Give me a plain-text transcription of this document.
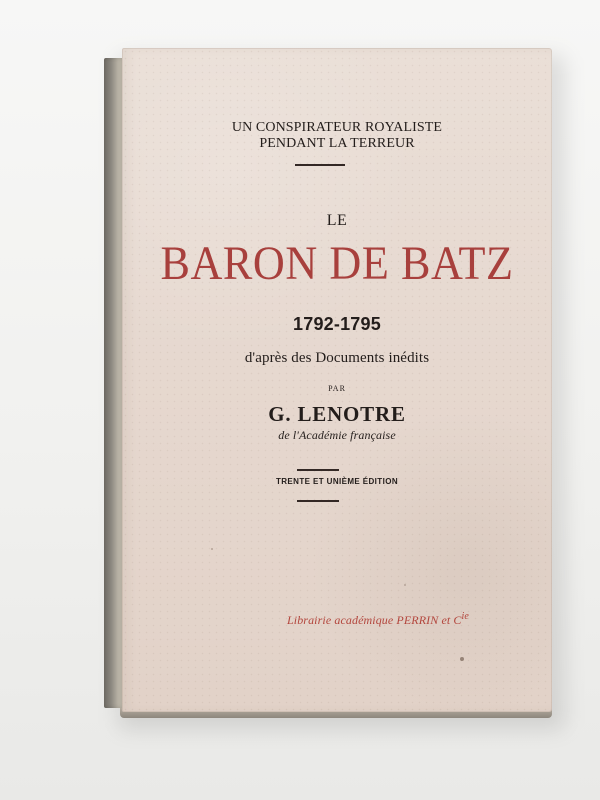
UN CONSPIRATEUR ROYALISTE
PENDANT LA TERREUR
LE
BARON DE BATZ
1792-1795
d'après des Documents inédits
PAR
G. LENOTRE
de l'Académie française
TRENTE ET UNIÈME ÉDITION
Librairie académique PERRIN et $C^{ie}$
